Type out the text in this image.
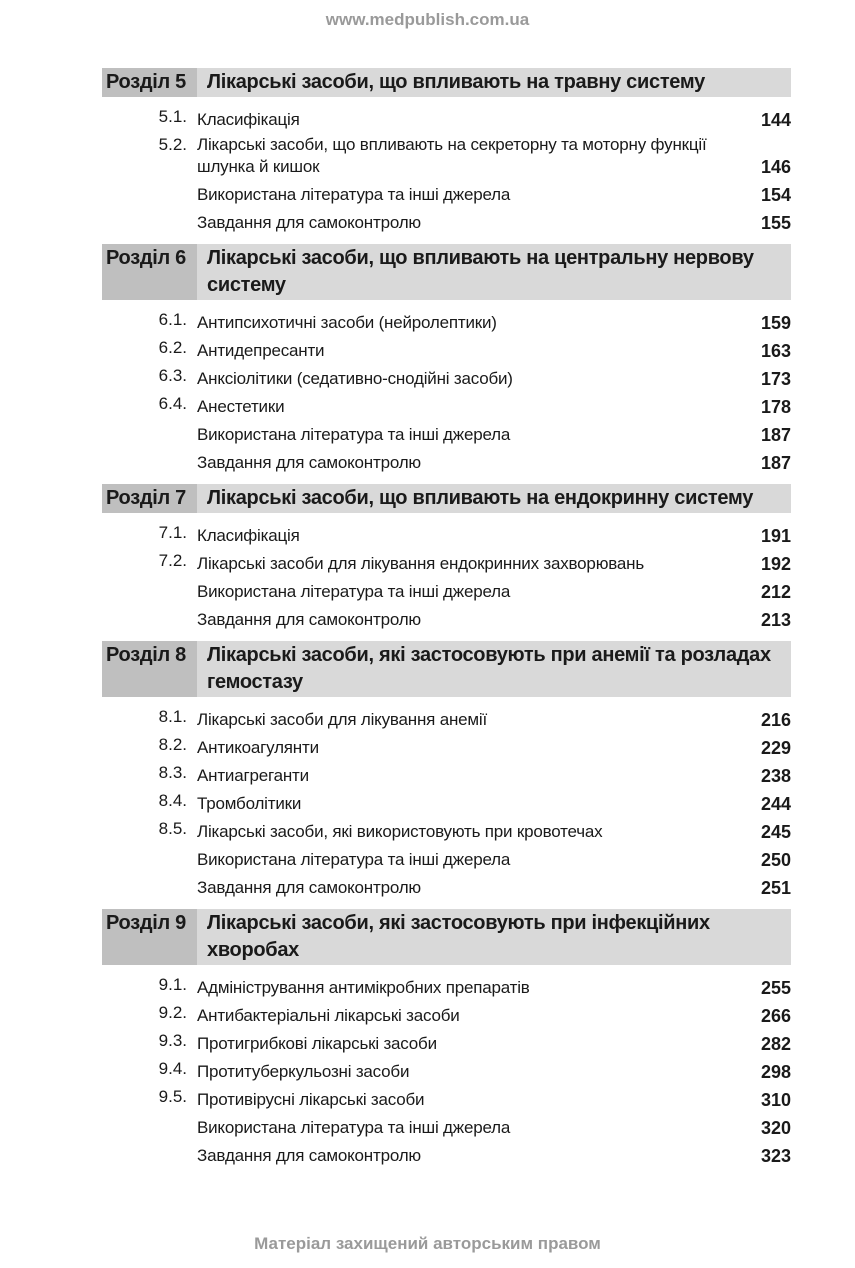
www.medpublish.com.ua
Розділ 5	Лікарські засоби, що впливають на травну систему
5.1. Класифікація	144
5.2. Лікарські засоби, що впливають на секреторну та моторну функції шлунка й кишок	146
Використана література та інші джерела	154
Завдання для самоконтролю	155
Розділ 6	Лікарські засоби, що впливають на центральну нервову систему
6.1. Антипсихотичні засоби (нейролептики)	159
6.2. Антидепресанти	163
6.3. Анксіолітики (седативно-снодійні засоби)	173
6.4. Анестетики	178
Використана література та інші джерела	187
Завдання для самоконтролю	187
Розділ 7	Лікарські засоби, що впливають на ендокринну систему
7.1. Класифікація	191
7.2. Лікарські засоби для лікування ендокринних захворювань	192
Використана література та інші джерела	212
Завдання для самоконтролю	213
Розділ 8	Лікарські засоби, які застосовують при анемії та розладах гемостазу
8.1. Лікарські засоби для лікування анемії	216
8.2. Антикоагулянти	229
8.3. Антиагреганти	238
8.4. Тромболітики	244
8.5. Лікарські засоби, які використовують при кровотечах	245
Використана література та інші джерела	250
Завдання для самоконтролю	251
Розділ 9	Лікарські засоби, які застосовують при інфекційних хворобах
9.1. Адміністрування антимікробних препаратів	255
9.2. Антибактеріальні лікарські засоби	266
9.3. Протигрибкові лікарські засоби	282
9.4. Протитуберкульозні засоби	298
9.5. Противірусні лікарські засоби	310
Використана література та інші джерела	320
Завдання для самоконтролю	323
Матеріал захищений авторським правом
